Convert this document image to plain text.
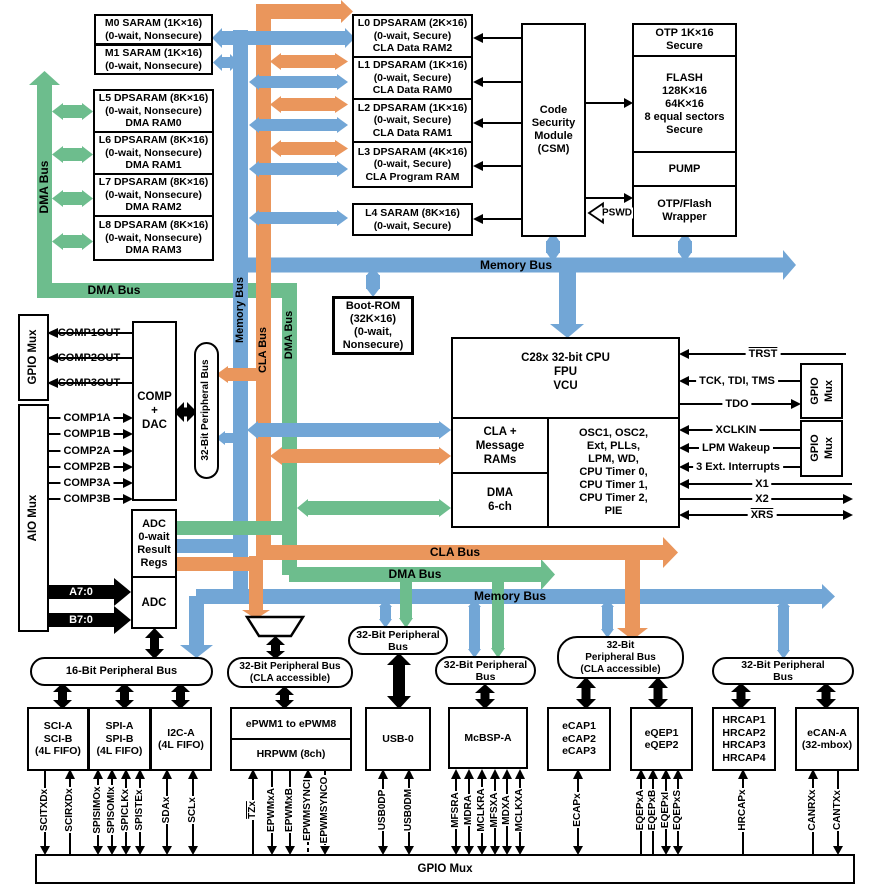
M0 SARAM (1K×16)
(0-wait, Nonsecure)
M1 SARAM (1K×16)
(0-wait, Nonsecure)
L5 DPSARAM (8K×16)
(0-wait, Nonsecure)
DMA RAM0
L6 DPSARAM (8K×16)
(0-wait, Nonsecure)
DMA RAM1
L7 DPSARAM (8K×16)
(0-wait, Nonsecure)
DMA RAM2
L8 DPSARAM (8K×16)
(0-wait, Nonsecure)
DMA RAM3
L0 DPSARAM (2K×16)
(0-wait, Secure)
CLA Data RAM2
L1 DPSARAM (1K×16)
(0-wait, Secure)
CLA Data RAM0
L2 DPSARAM (1K×16)
(0-wait, Secure)
CLA Data RAM1
L3 DPSARAM (4K×16)
(0-wait, Secure)
CLA Program RAM
L4 SARAM (8K×16)
(0-wait, Secure)
Code
Security
Module
(CSM)
OTP 1K×16
Secure
FLASH
128K×16
64K×16
8 equal sectors
Secure
PUMP
OTP/Flash
Wrapper
PSWD
Boot-ROM
(32K×16)
(0-wait,
Nonsecure)
C28x 32-bit CPU
FPU
VCU
CLA +
Message
RAMs
DMA
6-ch
OSC1, OSC2,
Ext, PLLs,
LPM, WD,
CPU Timer 0,
CPU Timer 1,
CPU Timer 2,
PIE
TRST
TCK, TDI, TMS
TDO
XCLKIN
LPM Wakeup
3 Ext. Interrupts
X1
X2
$\overline{XRS}$
GPIO Mux
GPIO Mux
GPIO Mux
AIO Mux
COMP1OUT
COMP2OUT
COMP3OUT
COMP1A
COMP1B
COMP2A
COMP2B
COMP3A
COMP3B
COMP
+
DAC	32-Bit Peripheral Bus
ADC
0-wait
Result
Regs
ADC
A7:0
B7:0
DMA Bus
DMA Bus
Memory Bus
Memory Bus
CLA Bus DMA Bus
CLA Bus
DMA Bus
Memory Bus
16-Bit Peripheral Bus	32-Bit Peripheral Bus
(CLA accessible)
32-Bit Peripheral
Bus
32-Bit Peripheral
Bus
32-Bit
Peripheral Bus
(CLA accessible)	32-Bit Peripheral
Bus
SCI-A
SCI-B
(4L FIFO)
SPI-A
SPI-B
(4L FIFO)
I2C-A
(4L FIFO)
ePWM1 to ePWM8
HRPWM (8ch)
USB-0	McBSP-A
eCAP1
eCAP2
eCAP3
eQEP1
eQEP2
HRCAP1
HRCAP2
HRCAP3
HRCAP4
eCAN-A
(32-mbox)
SCITXDx SCIRXDx SPISIMOx SPISOMIx SPICLKx SPISTEx SDAx SCLx	$\overline{TZx}$ EPWMxA EPWMxB EPWMSYNCI EPWMSYNCO	USB0DP USB0DM	MFSRA MDRA MCLKRA MFSXA MDXA MCLKXA	ECAPx	EQEPxA EQEPxB EQEPxI EQEPxS	HRCAPx	CANRXx CANTXx
GPIO Mux
